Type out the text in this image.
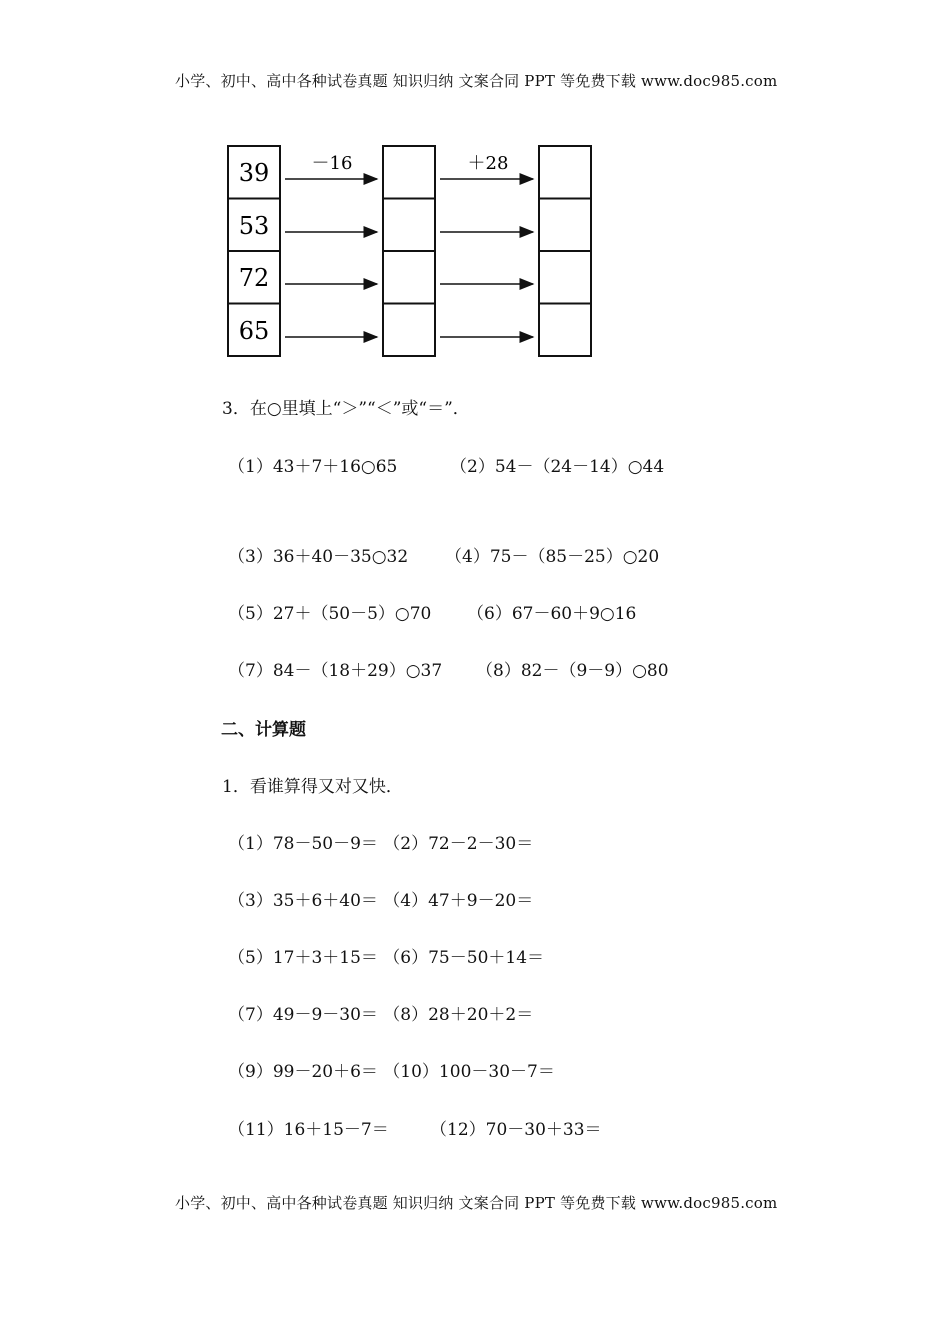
小学、初中、高中各种试卷真题 知识归纳 文案合同 PPT 等免费下载 www.doc985.com
39
53
72
65
－16	＋28
3．在○里填上“＞”“＜”或“＝”．
（1）43＋7＋16○65	（2）54－（24－14）○44
（3）36＋40－35○32 （4）75－（85－25）○20
（5）27＋（50－5）○70 （6）67－60＋9○16
（7）84－（18＋29）○37 （8）82－（9－9）○80
二、计算题
1．看谁算得又对又快．
（1）78－50－9＝ （2）72－2－30＝
（3）35＋6＋40＝ （4）47＋9－20＝
（5）17＋3＋15＝ （6）75－50＋14＝
（7）49－9－30＝ （8）28＋20＋2＝
（9）99－20＋6＝ （10）100－30－7＝
（11）16＋15－7＝ （12）70－30＋33＝
小学、初中、高中各种试卷真题 知识归纳 文案合同 PPT 等免费下载 www.doc985.com
